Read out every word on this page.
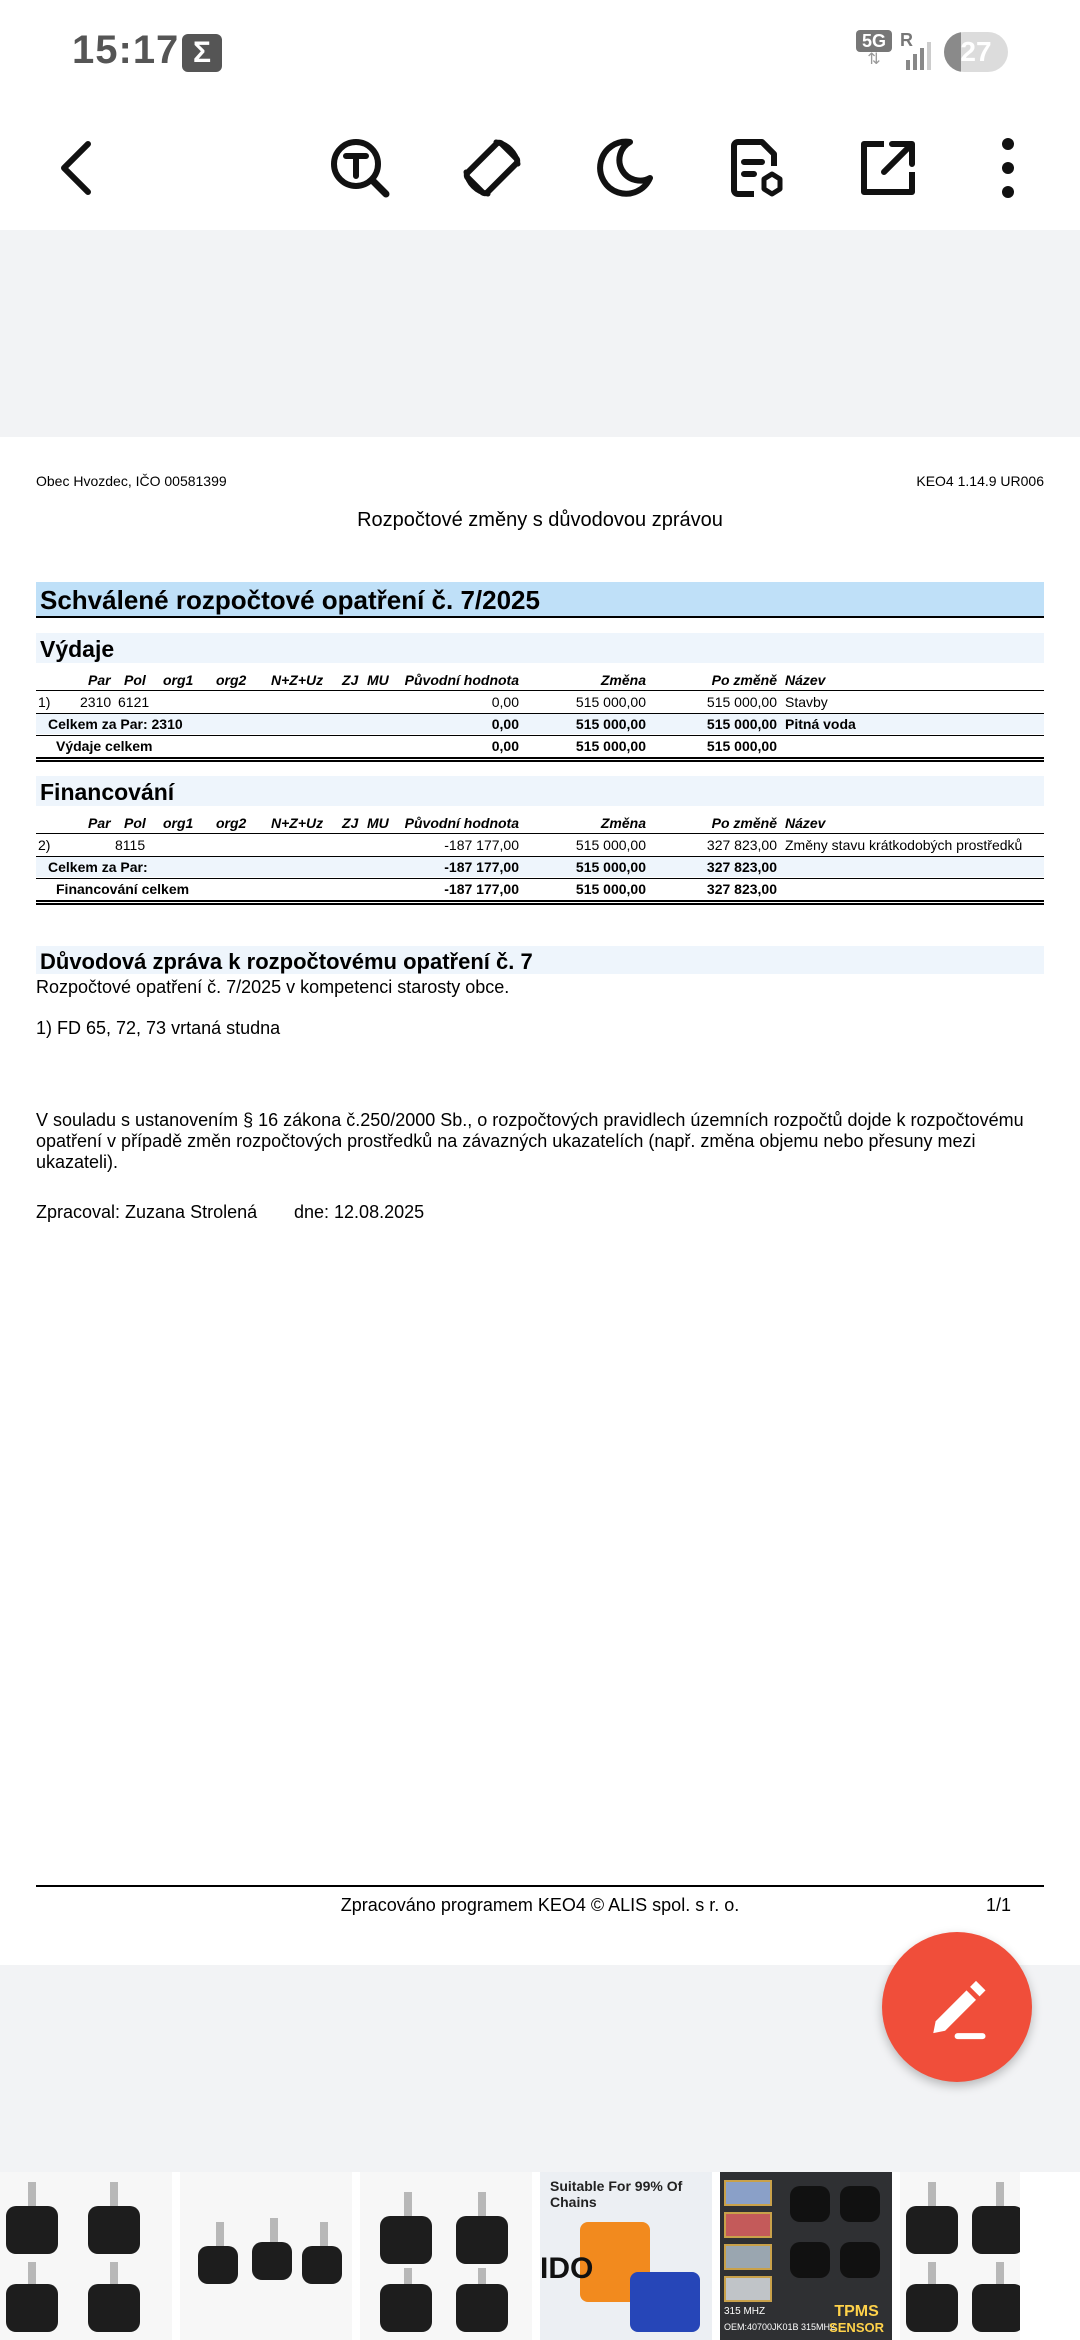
15:17 Σ	5G
⇅
R	27
Obec Hvozdec, IČO 00581399	KEO4 1.14.9 UR006
Rozpočtové změny s důvodovou zprávou
Schválené rozpočtové opatření č. 7/2025
Výdaje
Par Pol org1 org2 N+Z+Uz ZJ MU	Původní hodnota	Změna	Po změně Název
1) 2310 6121	0,00	515 000,00	515 000,00 Stavby
Celkem za Par: 2310	0,00	515 000,00	515 000,00 Pitná voda
Výdaje celkem	0,00	515 000,00	515 000,00
Financování
Par Pol org1 org2 N+Z+Uz ZJ MU	Původní hodnota	Změna	Po změně Název
2)	8115	-187 177,00	515 000,00	327 823,00 Změny stavu krátkodobých prostředků
Celkem za Par:	-187 177,00	515 000,00	327 823,00
Financování celkem	-187 177,00	515 000,00	327 823,00
Důvodová zpráva k rozpočtovému opatření č. 7
Rozpočtové opatření č. 7/2025 v kompetenci starosty obce.
1) FD 65, 72, 73 vrtaná studna
V souladu s ustanovením § 16 zákona č.250/2000 Sb., o rozpočtových pravidlech územních rozpočtů dojde k rozpočtovému opatření v případě změn rozpočtových prostředků na závazných ukazatelích (např. změna objemu nebo přesuny mezi ukazateli).
Zpracoval: Zuzana Strolená dne: 12.08.2025
Zpracováno programem KEO4 © ALIS spol. s r. o.	1/1
Suitable For 99% Of Chains
IDO
315 MHZ
OEM:40700JK01B 315MHZ
TPMS
SENSOR
